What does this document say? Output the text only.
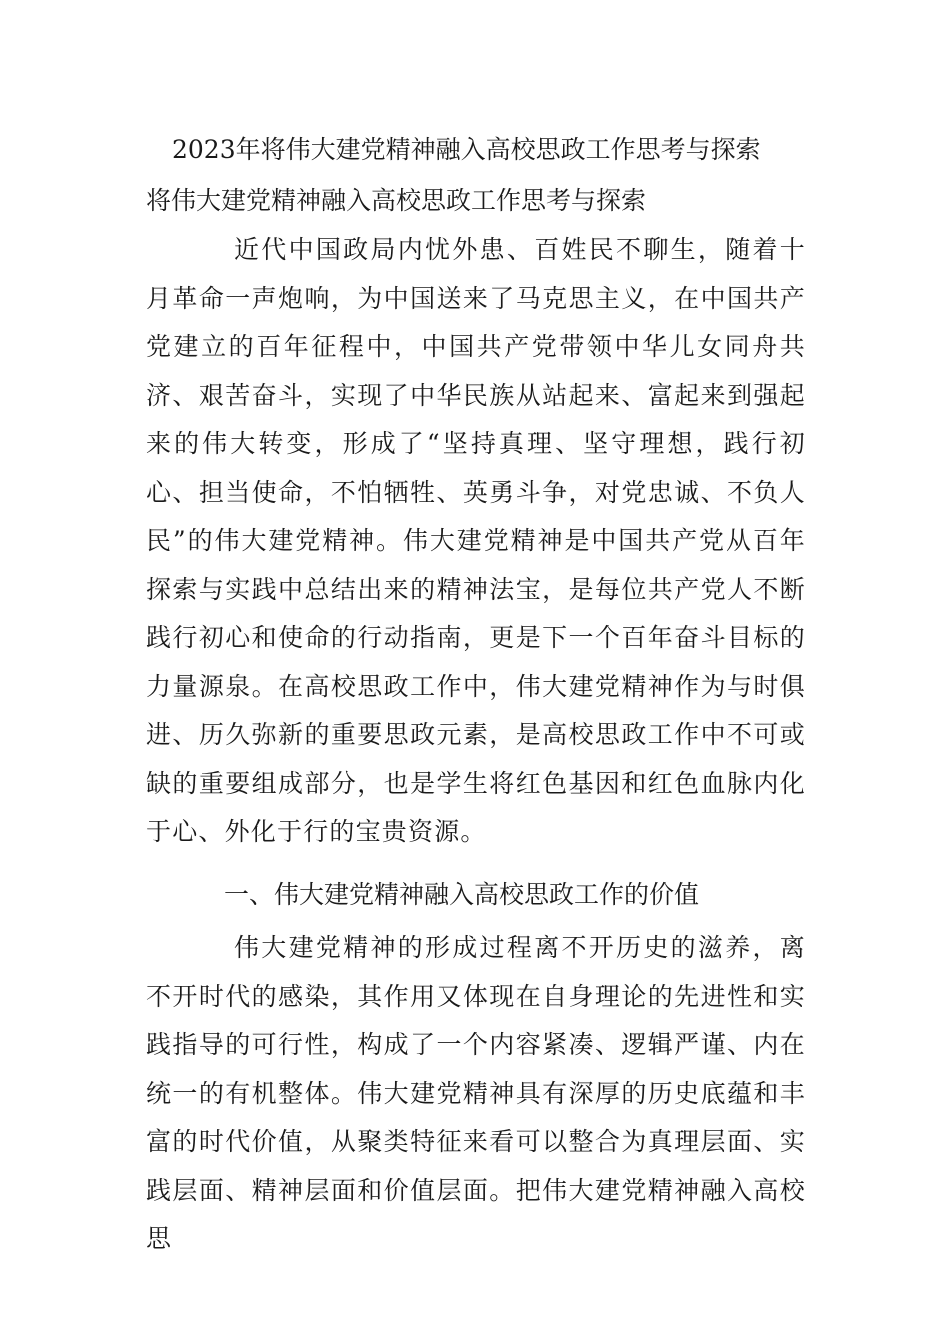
2023年将伟大建党精神融入高校思政工作思考与探索
将伟大建党精神融入高校思政工作思考与探索

近代中国政局内忧外患、百姓民不聊生，随着十月革命一声炮响，为中国送来了马克思主义，在中国共产党建立的百年征程中，中国共产党带领中华儿女同舟共济、艰苦奋斗，实现了中华民族从站起来、富起来到强起来的伟大转变，形成了“坚持真理、坚守理想，践行初心、担当使命，不怕牺牲、英勇斗争，对党忠诚、不负人民”的伟大建党精神。伟大建党精神是中国共产党从百年探索与实践中总结出来的精神法宝，是每位共产党人不断践行初心和使命的行动指南，更是下一个百年奋斗目标的力量源泉。在高校思政工作中，伟大建党精神作为与时俱进、历久弥新的重要思政元素，是高校思政工作中不可或缺的重要组成部分，也是学生将红色基因和红色血脉内化于心、外化于行的宝贵资源。

一、伟大建党精神融入高校思政工作的价值

伟大建党精神的形成过程离不开历史的滋养，离不开时代的感染，其作用又体现在自身理论的先进性和实践指导的可行性，构成了一个内容紧凑、逻辑严谨、内在统一的有机整体。伟大建党精神具有深厚的历史底蕴和丰富的时代价值，从聚类特征来看可以整合为真理层面、实践层面、精神层面和价值层面。把伟大建党精神融入高校思
